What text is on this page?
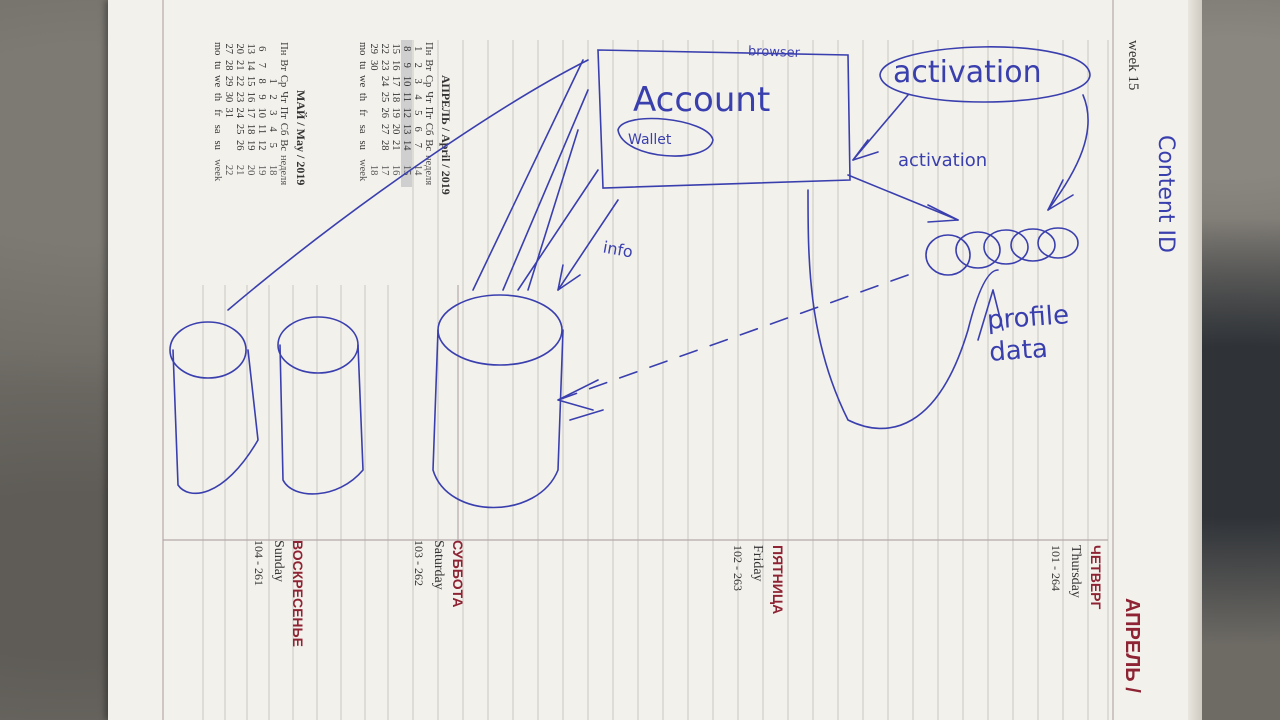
АПРЕЛЬ /
week 15
ЧЕТВЕРГ
Thursday
101 - 264
ПЯТНИЦА
Friday
102 - 263
СУББОТА
Saturday
103 - 262
ВОСКРЕСЕНЬЕ
Sunday
104 - 261
АПРЕЛЬ / April / 2019
Пн	Вт	Ср	Чт	Пт	Сб	Вс	неделя
1	2	3	4	5	6	7	14
8	9	10	11	12	13	14	15
15	16	17	18	19	20	21	16
22	23	24	25	26	27	28	17
29	30						18
mo	tu	we	th	fr	sa	su	week
МАЙ / May / 2019
Пн	Вт	Ср	Чт	Пт	Сб	Вс	неделя
		1	2	3	4	5	18
6	7	8	9	10	11	12	19
13	14	15	16	17	18	19	20
20	21	22	23	24	25	26	21
27	28	29	30	31			22
mo	tu	we	th	fr	sa	su	week
browser
Account
Wallet
activation
activation
info	Content ID
profile data
